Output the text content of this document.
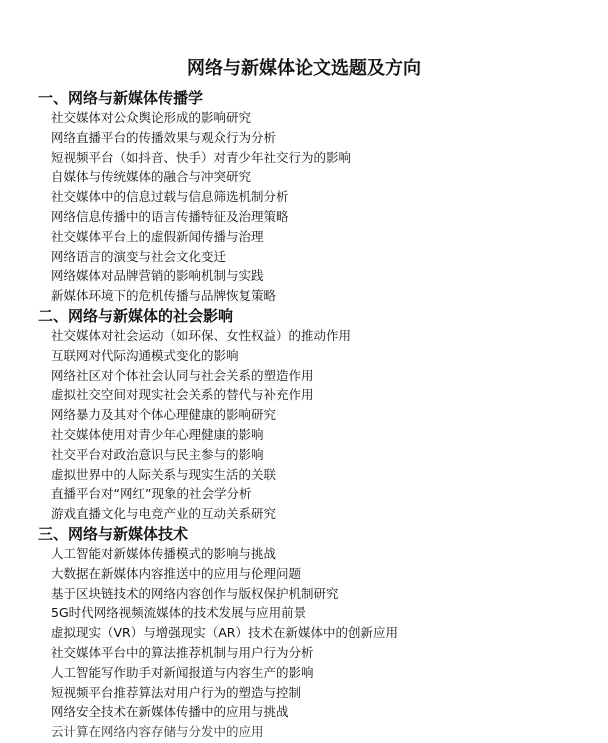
网络与新媒体论文选题及方向
一、网络与新媒体传播学
社交媒体对公众舆论形成的影响研究
网络直播平台的传播效果与观众行为分析
短视频平台（如抖音、快手）对青少年社交行为的影响
自媒体与传统媒体的融合与冲突研究
社交媒体中的信息过载与信息筛选机制分析
网络信息传播中的语言传播特征及治理策略
社交媒体平台上的虚假新闻传播与治理
网络语言的演变与社会文化变迁
网络媒体对品牌营销的影响机制与实践
新媒体环境下的危机传播与品牌恢复策略
二、网络与新媒体的社会影响
社交媒体对社会运动（如环保、女性权益）的推动作用
互联网对代际沟通模式变化的影响
网络社区对个体社会认同与社会关系的塑造作用
虚拟社交空间对现实社会关系的替代与补充作用
网络暴力及其对个体心理健康的影响研究
社交媒体使用对青少年心理健康的影响
社交平台对政治意识与民主参与的影响
虚拟世界中的人际关系与现实生活的关联
直播平台对“网红”现象的社会学分析
游戏直播文化与电竞产业的互动关系研究
三、网络与新媒体技术
人工智能对新媒体传播模式的影响与挑战
大数据在新媒体内容推送中的应用与伦理问题
基于区块链技术的网络内容创作与版权保护机制研究
5G时代网络视频流媒体的技术发展与应用前景
虚拟现实（VR）与增强现实（AR）技术在新媒体中的创新应用
社交媒体平台中的算法推荐机制与用户行为分析
人工智能写作助手对新闻报道与内容生产的影响
短视频平台推荐算法对用户行为的塑造与控制
网络安全技术在新媒体传播中的应用与挑战
云计算在网络内容存储与分发中的应用
